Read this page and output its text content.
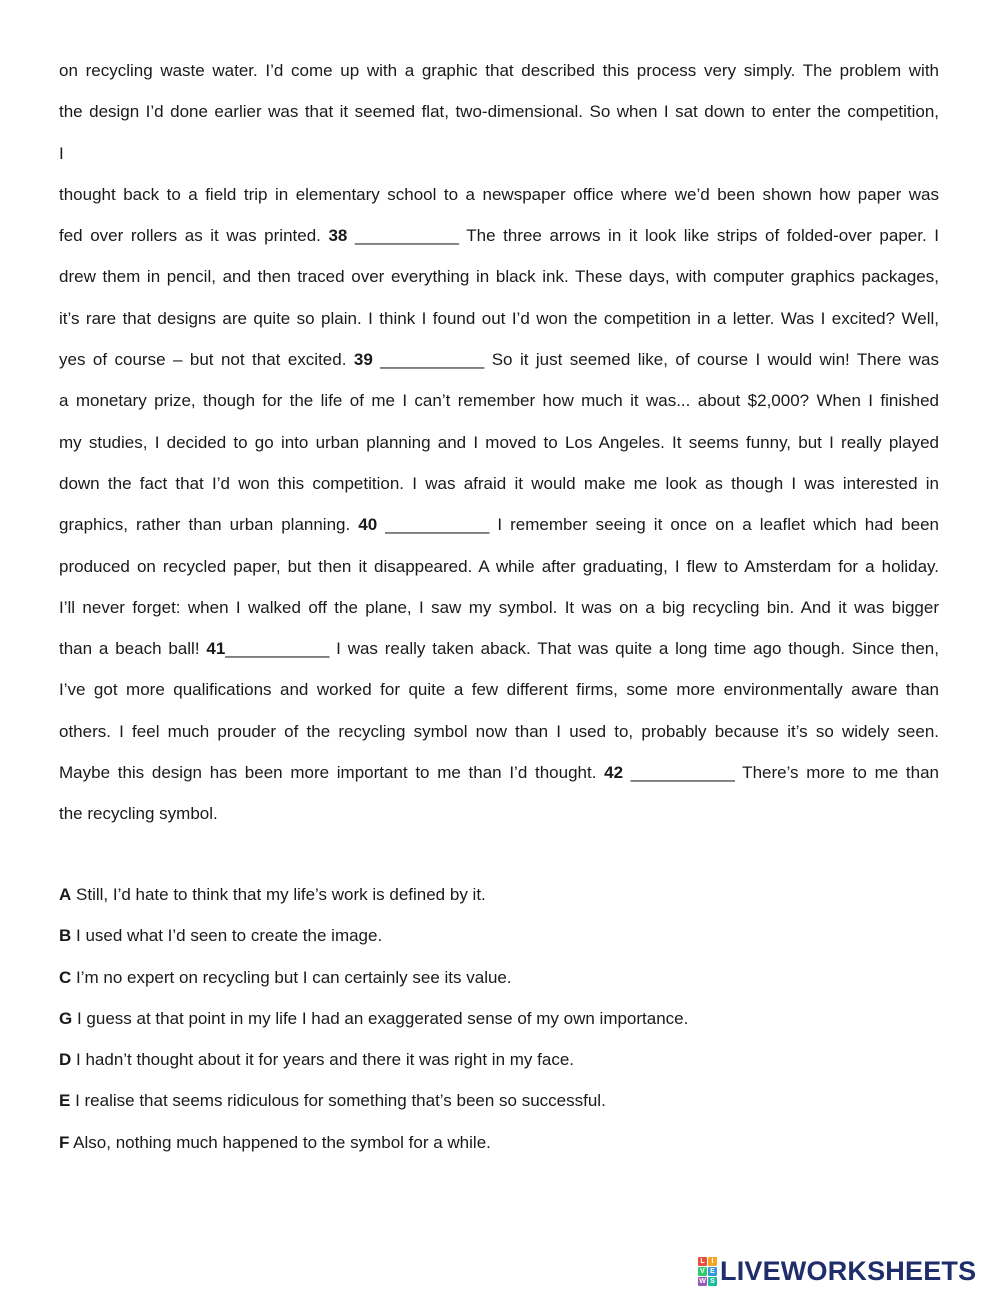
on recycling waste water. I’d come up with a graphic that described this process very simply. The problem with
the design I’d done earlier was that it seemed flat, two-dimensional. So when I sat down to enter the competition,
I
thought back to a field trip in elementary school to a newspaper office where we’d been shown how paper was
fed over rollers as it was printed. 38 ___________ The three arrows in it look like strips of folded-over paper. I
drew them in pencil, and then traced over everything in black ink. These days, with computer graphics packages,
it’s rare that designs are quite so plain. I think I found out I’d won the competition in a letter. Was I excited? Well,
yes of course – but not that excited. 39 ___________ So it just seemed like, of course I would win! There was
a monetary prize, though for the life of me I can’t remember how much it was... about $2,000? When I finished
my studies, I decided to go into urban planning and I moved to Los Angeles. It seems funny, but I really played
down the fact that I’d won this competition. I was afraid it would make me look as though I was interested in
graphics, rather than urban planning. 40 ___________ I remember seeing it once on a leaflet which had been
produced on recycled paper, but then it disappeared. A while after graduating, I flew to Amsterdam for a holiday.
I’ll never forget: when I walked off the plane, I saw my symbol. It was on a big recycling bin. And it was bigger
than a beach ball! 41___________ I was really taken aback. That was quite a long time ago though. Since then,
I’ve got more qualifications and worked for quite a few different firms, some more environmentally aware than
others. I feel much prouder of the recycling symbol now than I used to, probably because it’s so widely seen.
Maybe this design has been more important to me than I’d thought. 42 ___________ There’s more to me than
the recycling symbol.
A Still, I’d hate to think that my life’s work is defined by it.
B I used what I’d seen to create the image.
C I’m no expert on recycling but I can certainly see its value.
G I guess at that point in my life I had an exaggerated sense of my own importance.
D I hadn’t thought about it for years and there it was right in my face.
E I realise that seems ridiculous for something that’s been so successful.
F Also, nothing much happened to the symbol for a while.
L I
V E
W S LIVEWORKSHEETS
